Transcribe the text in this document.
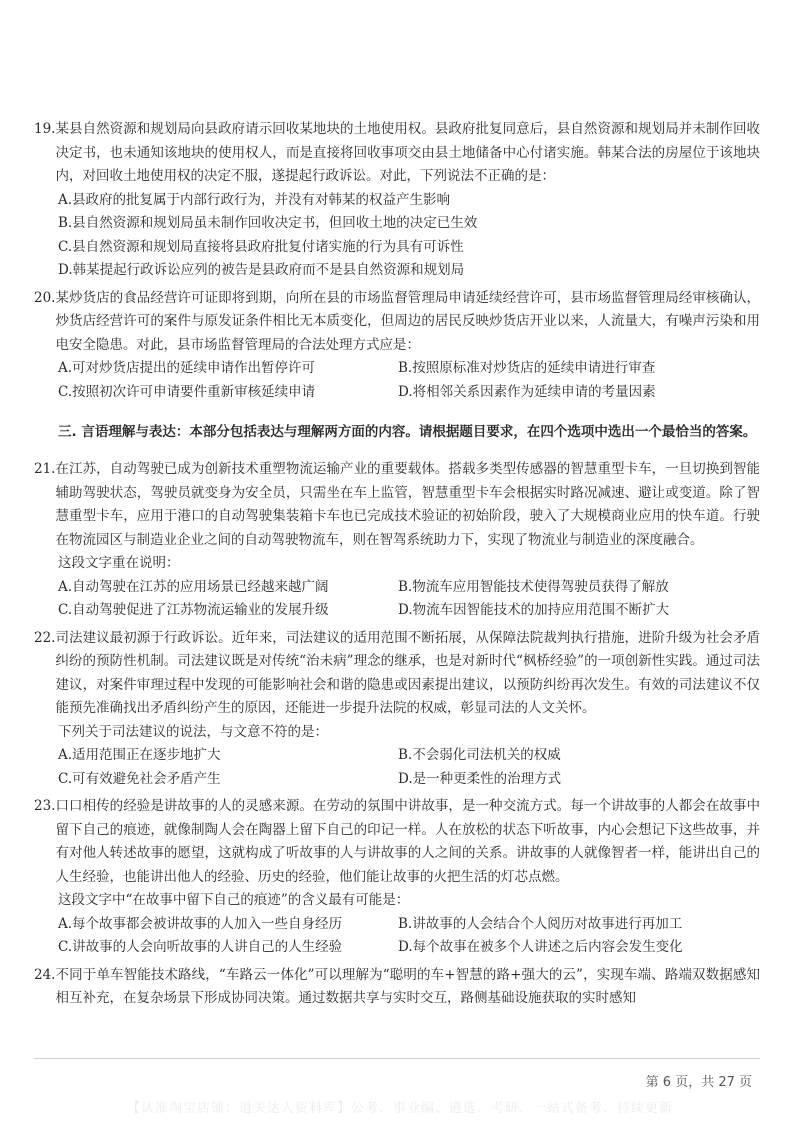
19. 某县自然资源和规划局向县政府请示回收某地块的土地使用权。县政府批复同意后，县自然资源和规划局并未制作回收决定书，也未通知该地块的使用权人，而是直接将回收事项交由县土地储备中心付诸实施。韩某合法的房屋位于该地块内，对回收土地使用权的决定不服，遂提起行政诉讼。对此，下列说法不正确的是：
A.县政府的批复属于内部行政行为，并没有对韩某的权益产生影响
B.县自然资源和规划局虽未制作回收决定书，但回收土地的决定已生效
C.县自然资源和规划局直接将县政府批复付诸实施的行为具有可诉性
D.韩某提起行政诉讼应列的被告是县政府而不是县自然资源和规划局
20. 某炒货店的食品经营许可证即将到期，向所在县的市场监督管理局申请延续经营许可，县市场监督管理局经审核确认，炒货店经营许可的案件与原发证条件相比无本质变化，但周边的居民反映炒货店开业以来，人流量大，有噪声污染和用电安全隐患。对此，县市场监督管理局的合法处理方式应是：
A.可对炒货店提出的延续申请作出暂停许可	B.按照原标准对炒货店的延续申请进行审查
C.按照初次许可申请要件重新审核延续申请	D.将相邻关系因素作为延续申请的考量因素
三. 言语理解与表达：本部分包括表达与理解两方面的内容。请根据题目要求，在四个选项中选出一个最恰当的答案。
21. 在江苏，自动驾驶已成为创新技术重塑物流运输产业的重要载体。搭载多类型传感器的智慧重型卡车，一旦切换到智能辅助驾驶状态，驾驶员就变身为安全员，只需坐在车上监管，智慧重型卡车会根据实时路况减速、避让或变道。除了智慧重型卡车，应用于港口的自动驾驶集装箱卡车也已完成技术验证的初始阶段，驶入了大规模商业应用的快车道。行驶在物流园区与制造业企业之间的自动驾驶物流车，则在智驾系统助力下，实现了物流业与制造业的深度融合。
这段文字重在说明：
A.自动驾驶在江苏的应用场景已经越来越广阔	B.物流车应用智能技术使得驾驶员获得了解放
C.自动驾驶促进了江苏物流运输业的发展升级	D.物流车因智能技术的加持应用范围不断扩大
22. 司法建议最初源于行政诉讼。近年来，司法建议的适用范围不断拓展，从保障法院裁判执行措施，进阶升级为社会矛盾纠纷的预防性机制。司法建议既是对传统“治未病”理念的继承，也是对新时代“枫桥经验”的一项创新性实践。通过司法建议，对案件审理过程中发现的可能影响社会和谐的隐患或因素提出建议，以预防纠纷再次发生。有效的司法建议不仅能预先准确找出矛盾纠纷产生的原因，还能进一步提升法院的权威，彰显司法的人文关怀。
下列关于司法建议的说法，与文意不符的是：
A.适用范围正在逐步地扩大	B.不会弱化司法机关的权威
C.可有效避免社会矛盾产生	D.是一种更柔性的治理方式
23. 口口相传的经验是讲故事的人的灵感来源。在劳动的氛围中讲故事，是一种交流方式。每一个讲故事的人都会在故事中留下自己的痕迹，就像制陶人会在陶器上留下自己的印记一样。人在放松的状态下听故事，内心会想记下这些故事，并有对他人转述故事的愿望，这就构成了听故事的人与讲故事的人之间的关系。讲故事的人就像智者一样，能讲出自己的人生经验，也能讲出他人的经验、历史的经验，他们能让故事的火把生活的灯芯点燃。
这段文字中“在故事中留下自己的痕迹”的含义最有可能是：
A.每个故事都会被讲故事的人加入一些自身经历	B.讲故事的人会结合个人阅历对故事进行再加工
C.讲故事的人会向听故事的人讲自己的人生经验	D.每个故事在被多个人讲述之后内容会发生变化
24. 不同于单车智能技术路线，“车路云一体化”可以理解为“聪明的车+智慧的路+强大的云”，实现车端、路端双数据感知相互补充，在复杂场景下形成协同决策。通过数据共享与实时交互，路侧基础设施获取的实时感知
第 6 页，共 27 页
【认准淘宝店铺：道关达人资料库】公考、事业编、遴选、考研、一站式备考、持续更新
